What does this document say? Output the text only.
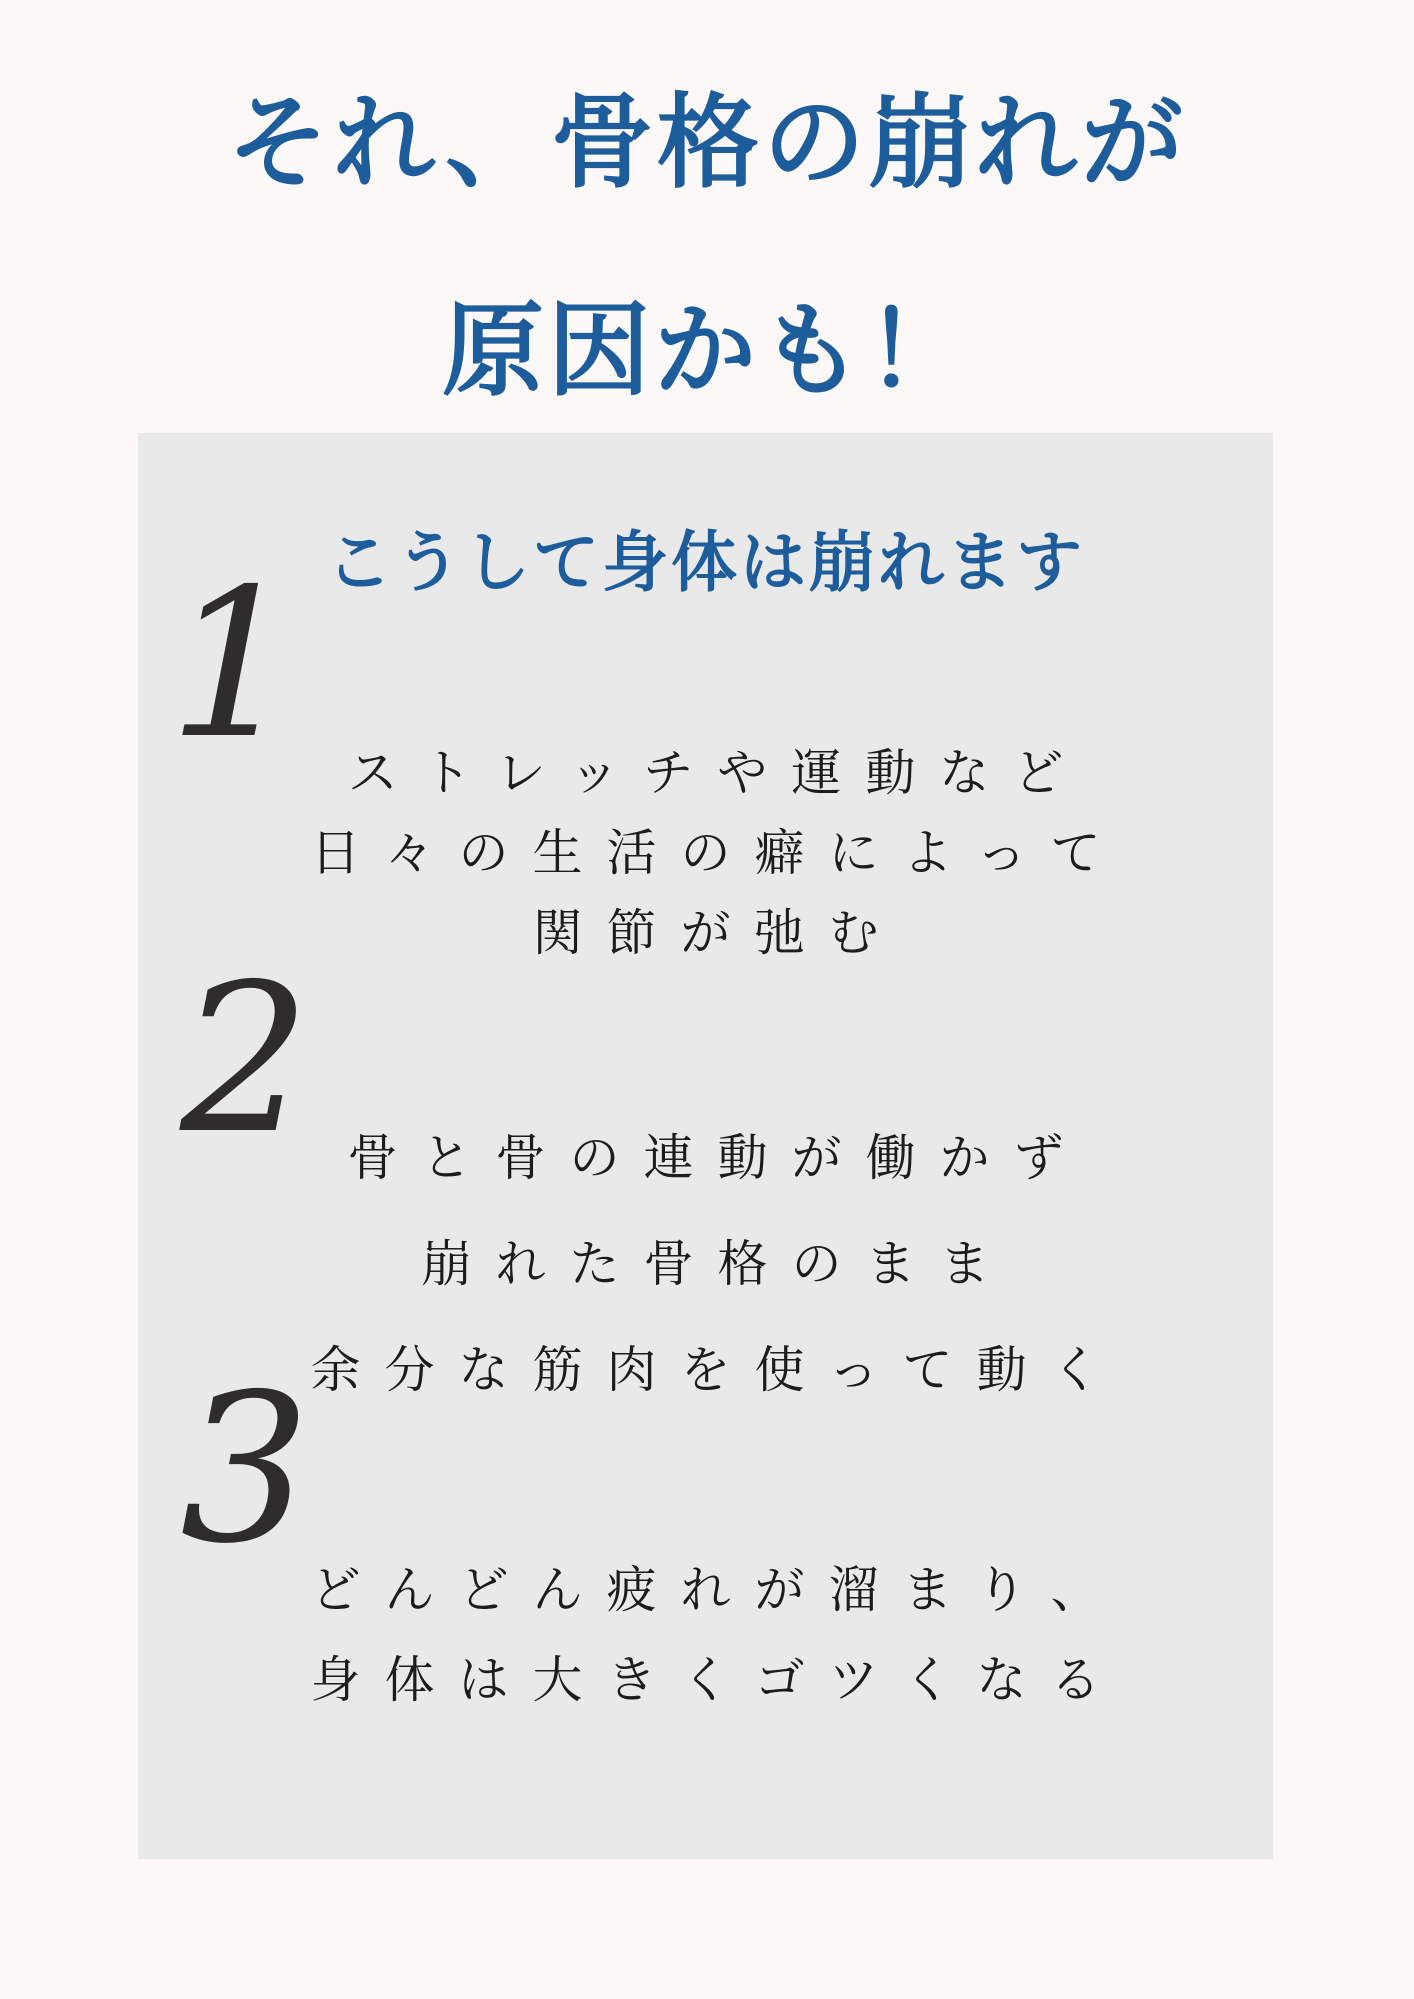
それ、骨格の崩れが
原因かも！
こうして身体は崩れます
1 ストレッチや運動など
日々の生活の癖によって
関節が弛む
2 骨と骨の連動が働かず
崩れた骨格のまま
余分な筋肉を使って動く
3
どんどん疲れが溜まり、
身体は大きくゴツくなる
